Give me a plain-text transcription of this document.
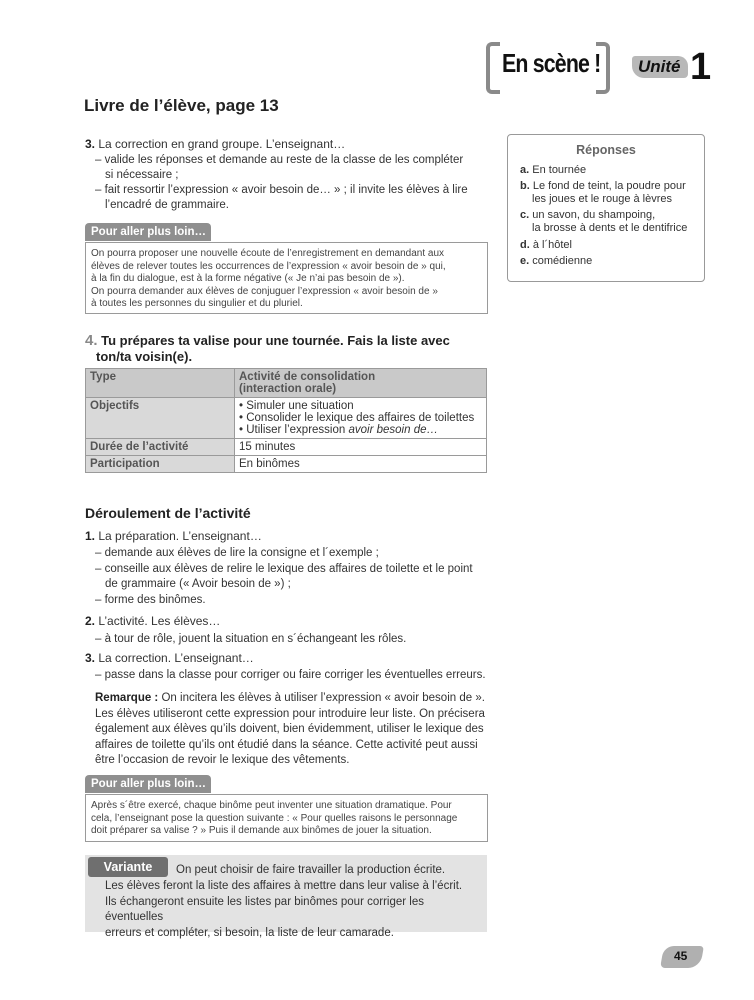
En scène ! Unité 1
Livre de l’élève, page 13
3. La correction en grand groupe. L’enseignant…
– valide les réponses et demande au reste de la classe de les compléter
si nécessaire ;
– fait ressortir l’expression « avoir besoin de… » ; il invite les élèves à lire
l’encadré de grammaire.
Pour aller plus loin…
On pourra proposer une nouvelle écoute de l’enregistrement en demandant aux
élèves de relever toutes les occurrences de l’expression « avoir besoin de » qui,
à la fin du dialogue, est à la forme négative (« Je n’ai pas besoin de »).
On pourra demander aux élèves de conjuguer l’expression « avoir besoin de »
à toutes les personnes du singulier et du pluriel.
Réponses
a. En tournée
b. Le fond de teint, la poudre pour
les joues et le rouge à lèvres
c. un savon, du shampoing,
la brosse à dents et le dentifrice
d. à l´hôtel
e. comédienne
4. Tu prépares ta valise pour une tournée. Fais la liste avec
ton/ta voisin(e).
Type	Activité de consolidation
(interaction orale)
Objectifs	• Simuler une situation
• Consolider le lexique des affaires de toilettes
• Utiliser l’expression avoir besoin de…

Durée de l’activité	15 minutes
Participation	En binômes
Déroulement de l’activité
1. La préparation. L’enseignant…
– demande aux élèves de lire la consigne et l´exemple ;
– conseille aux élèves de relire le lexique des affaires de toilette et le point
de grammaire (« Avoir besoin de ») ;
– forme des binômes.
2. L’activité. Les élèves…
– à tour de rôle, jouent la situation en s´échangeant les rôles.
3. La correction. L’enseignant…
– passe dans la classe pour corriger ou faire corriger les éventuelles erreurs.
Remarque : On incitera les élèves à utiliser l’expression « avoir besoin de ».
Les élèves utiliseront cette expression pour introduire leur liste. On précisera
également aux élèves qu’ils doivent, bien évidemment, utiliser le lexique des
affaires de toilette qu’ils ont étudié dans la séance. Cette activité peut aussi
être l’occasion de revoir le lexique des vêtements.
Pour aller plus loin…
Après s´être exercé, chaque binôme peut inventer une situation dramatique. Pour
cela, l’enseignant pose la question suivante : « Pour quelles raisons le personnage
doit préparer sa valise ? » Puis il demande aux binômes de jouer la situation.
Variante	On peut choisir de faire travailler la production écrite.
Les élèves feront la liste des affaires à mettre dans leur valise à l’écrit.
Ils échangeront ensuite les listes par binômes pour corriger les éventuelles
erreurs et compléter, si besoin, la liste de leur camarade.
45
